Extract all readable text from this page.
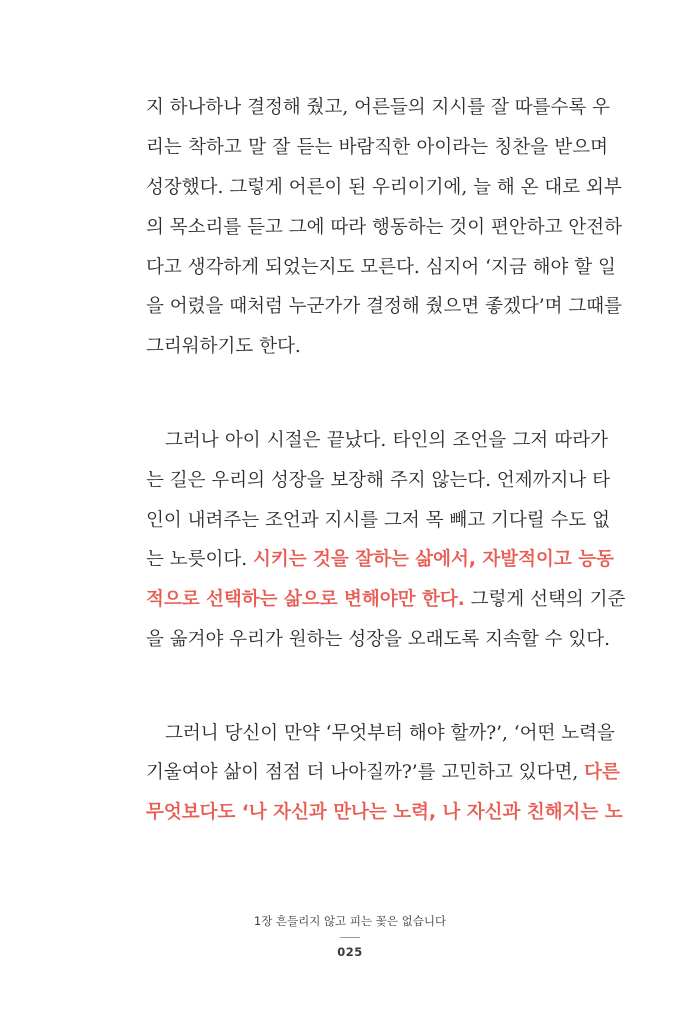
지 하나하나 결정해 줬고, 어른들의 지시를 잘 따를수록 우
리는 착하고 말 잘 듣는 바람직한 아이라는 칭찬을 받으며
성장했다. 그렇게 어른이 된 우리이기에, 늘 해 온 대로 외부
의 목소리를 듣고 그에 따라 행동하는 것이 편안하고 안전하
다고 생각하게 되었는지도 모른다. 심지어 ‘지금 해야 할 일
을 어렸을 때처럼 누군가가 결정해 줬으면 좋겠다’며 그때를
그리워하기도 한다.
그러나 아이 시절은 끝났다. 타인의 조언을 그저 따라가
는 길은 우리의 성장을 보장해 주지 않는다. 언제까지나 타
인이 내려주는 조언과 지시를 그저 목 빼고 기다릴 수도 없
는 노릇이다. 시키는 것을 잘하는 삶에서, 자발적이고 능동
적으로 선택하는 삶으로 변해야만 한다. 그렇게 선택의 기준
을 옮겨야 우리가 원하는 성장을 오래도록 지속할 수 있다.
그러니 당신이 만약 ‘무엇부터 해야 할까?’, ‘어떤 노력을
기울여야 삶이 점점 더 나아질까?’를 고민하고 있다면, 다른
무엇보다도 ‘나 자신과 만나는 노력, 나 자신과 친해지는 노
1장 흔들리지 않고 피는 꽃은 없습니다
025
